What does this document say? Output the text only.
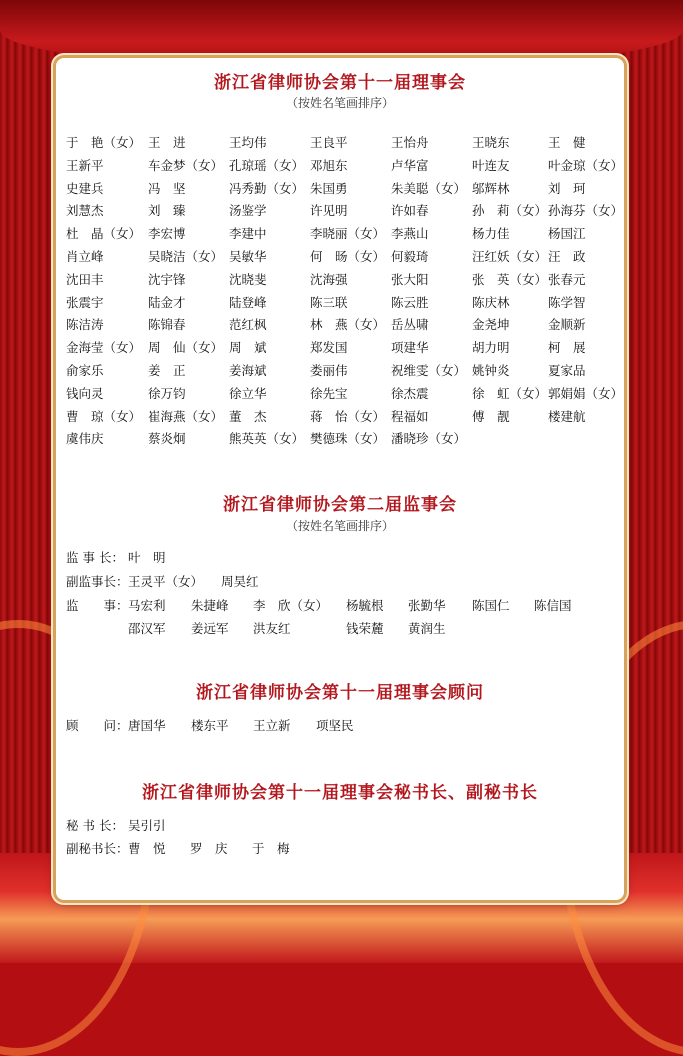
浙江省律师协会第十一届理事会
（按姓名笔画排序）
于　艳（女） 王　进	王均伟	王良平	王怡舟	王晓东	王　健
王新平	车金梦（女） 孔琼瑶（女） 邓旭东	卢华富	叶连友	叶金琼（女）
史建兵	冯　坚	冯秀勤（女） 朱国勇	朱美聪（女） 邬辉林	刘　珂
刘慧杰	刘　臻	汤鉴学	许见明	许如春	孙　莉（女） 孙海芬（女）
杜　晶（女） 李宏博	李建中	李晓丽（女） 李燕山	杨力佳	杨国江
肖立峰	吴晓洁（女） 吴敏华	何　旸（女） 何毅琦	汪红妖（女） 汪　政
沈田丰	沈宇锋	沈晓斐	沈海强	张大阳	张　英（女） 张春元
张震宇	陆金才	陆登峰	陈三联	陈云胜	陈庆林	陈学智
陈洁涛	陈锦春	范红枫	林　燕（女） 岳丛啸	金尧坤	金顺新
金海莹（女） 周　仙（女） 周　斌	郑发国	项建华	胡力明	柯　展
俞家乐	姜　正	姜海斌	娄丽伟	祝维雯（女） 姚钟炎	夏家品
钱向灵	徐万钧	徐立华	徐先宝	徐杰震	徐　虹（女） 郭娟娟（女）
曹　琼（女） 崔海燕（女） 董　杰	蒋　怡（女） 程福如	傅　靓	楼建航
虞伟庆	蔡炎炯	熊英英（女） 樊德珠（女） 潘晓珍（女）
浙江省律师协会第二届监事会
（按姓名笔画排序）
监 事 长： 叶　明
副监事长： 王灵平（女） 周昊红
监　　事： 马宏利 朱捷峰 李　欣（女） 杨毓根 张勤华 陈国仁 陈信国
邵汉军 姜远军 洪友红	钱荣麓 黄润生
浙江省律师协会第十一届理事会顾问
顾　　问： 唐国华 楼东平 王立新 项坚民
浙江省律师协会第十一届理事会秘书长、副秘书长
秘 书 长： 吴引引
副秘书长： 曹　悦 罗　庆 于　梅
